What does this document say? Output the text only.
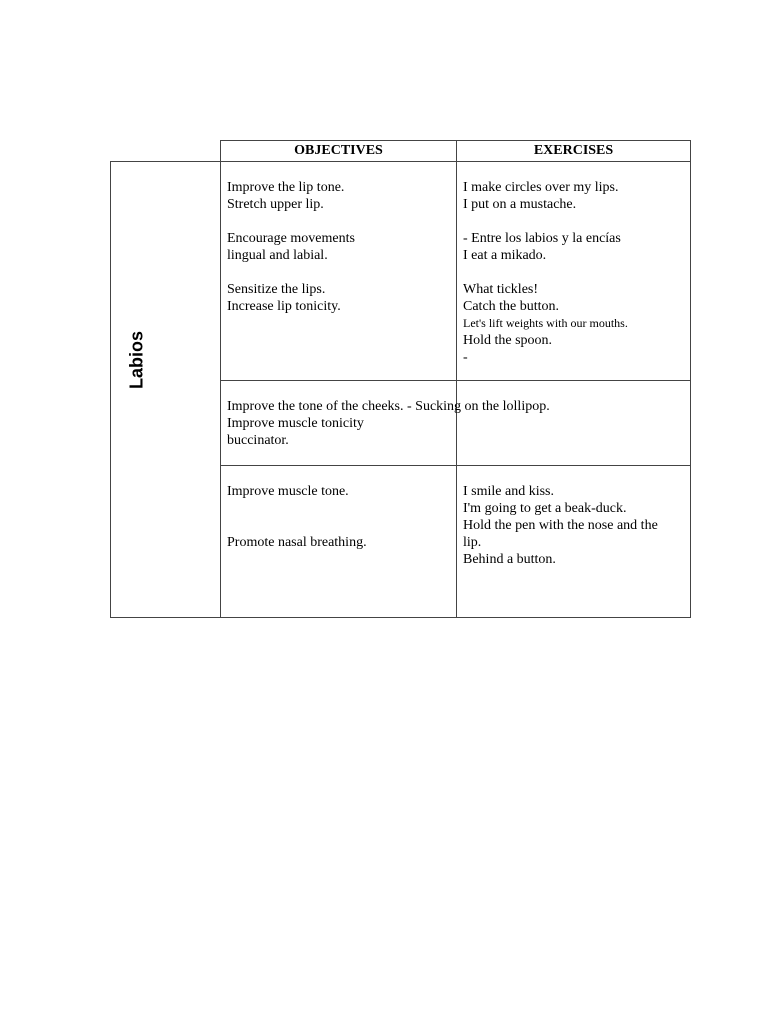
OBJECTIVES	EXERCISES
Labios
Improve the lip tone.
Stretch upper lip.
Encourage movements
lingual and labial.
Sensitize the lips.
Increase lip tonicity.
I make circles over my lips.
I put on a mustache.
- Entre los labios y la encías
I eat a mikado.
What tickles!
Catch the button.
Let's lift weights with our mouths.
Hold the spoon.
-
Improve the tone of the cheeks. - Sucking on the lollipop.
Improve muscle tonicity
buccinator.
Improve muscle tone.
Promote nasal breathing.
I smile and kiss.
I'm going to get a beak-duck.
Hold the pen with the nose and the
lip.
Behind a button.
